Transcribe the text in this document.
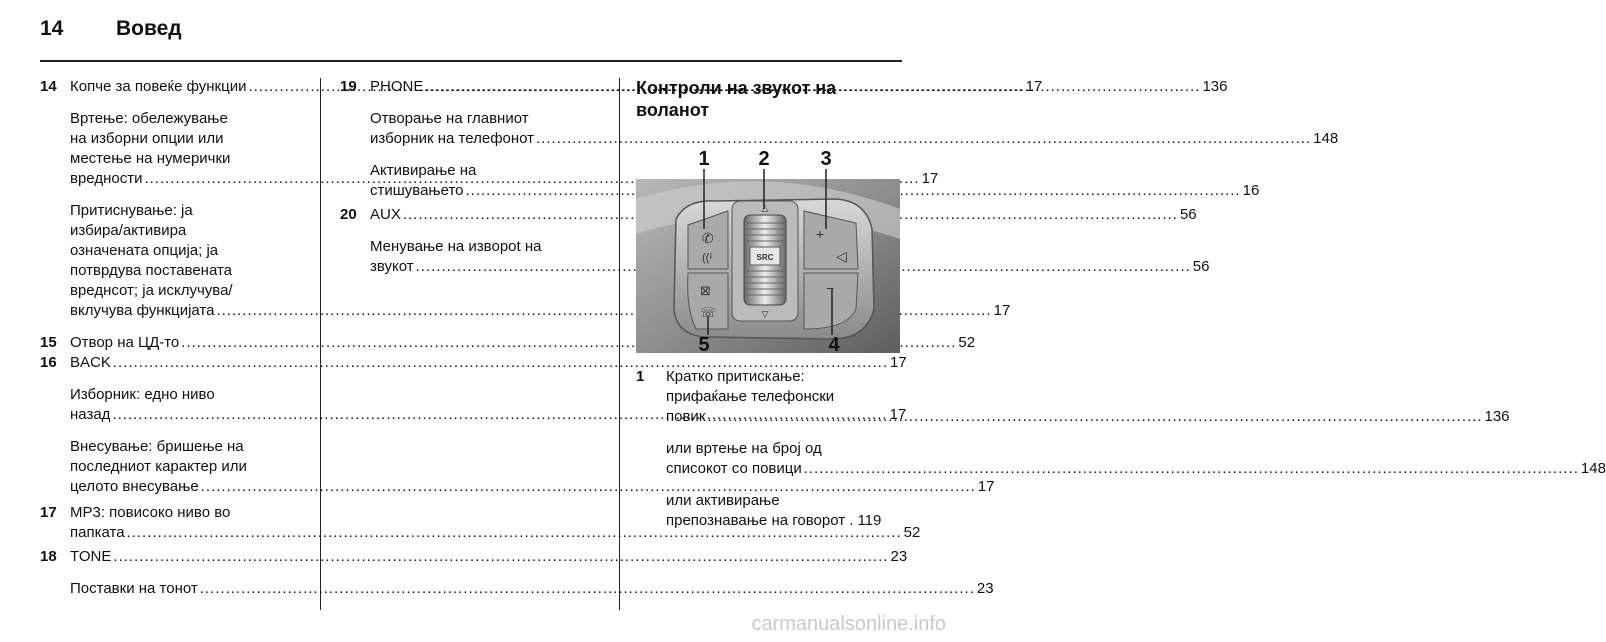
14	Вовед
14 Копче за повеќе функции .....	17
Вртење: обележување
на изборни опции или
местење на нумерички
вредности .....	17
Притиснување: ја
избира/активира
означената опција; ја
потврдува поставената
вреднсот; ја исклучува/
вклучува функцијата .....	17
15 Отвор на ЦД-то .....	52
16 BACK .....	17
Изборник: едно ниво
назад .....	17
Внесување: бришење на
последниот карактер или
целото внесување .....	17
17 MP3: повисоко ниво во
папката .....	52
18 TONE .....	23
Поставки на тонот .....	23
19 PHONE .....	136
Отворање на главниот
изборник на телефонот .....	148
Активирање на
стишувањето .....	16
20 AUX .....	56
Менување на извороt на
звукот .....	56
Контроли на звукот на
воланот
SRC
△
▽
✆
((ꜟ
⊠
☏
+
◁
−
1 2	3
5	4
1	Кратко притискање:
прифаќање телефонски
повик .....	136
или вртење на број од
списокот со повици .....	148
или активирање
препознавање на говорот . 119
carmanualsonline.info
